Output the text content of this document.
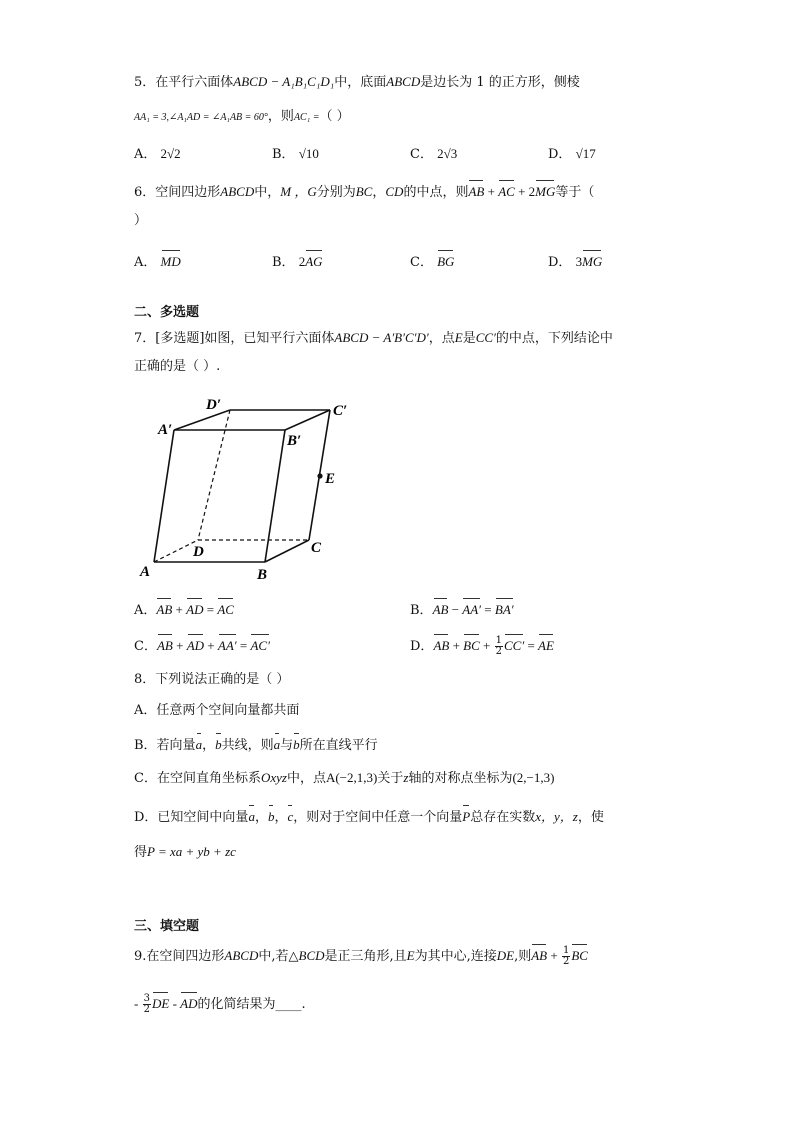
5．在平行六面体ABCD − A₁B₁C₁D₁中，底面ABCD是边长为 1 的正方形，侧棱
AA₁ = 3,∠A₁AD = ∠A₁AB = 60°，则AC₁ =（ ）
A． 2√2	B． √10	C． 2√3	D． √17
6．空间四边形ABCD中，M ，G分别为BC，CD的中点，则AB + AC + 2MG等于（
）
A． MD	B． 2AG	C． BG	D． 3MG
二、多选题
7．[多选题]如图，已知平行六面体ABCD − A′B′C′D′，点E是CC′的中点，下列结论中
正确的是（ ）.
A′
D′	C′
B′
E
D	C
A	B
A．AB + AD = AC	B．AB − AA′ = BA′
C．AB + AD + AA′ = AC′	D．AB + BC + $\frac{1}{2} CC'$ = AE
8．下列说法正确的是（ ）
A．任意两个空间向量都共面
B．若向量a，b共线，则a与b所在直线平行
C．在空间直角坐标系Oxyz中，点A(−2,1,3)关于z轴的对称点坐标为(2,−1,3)
D．已知空间中向量a，b，c，则对于空间中任意一个向量P总存在实数x，y，z，使
得P = xa + yb + zc
三、填空题
9.在空间四边形ABCD中,若△BCD是正三角形,且E为其中心,连接DE,则AB + $\frac{1}{2}$ BC
- $\frac{3}{2}$ DE - AD的化简结果为____.
